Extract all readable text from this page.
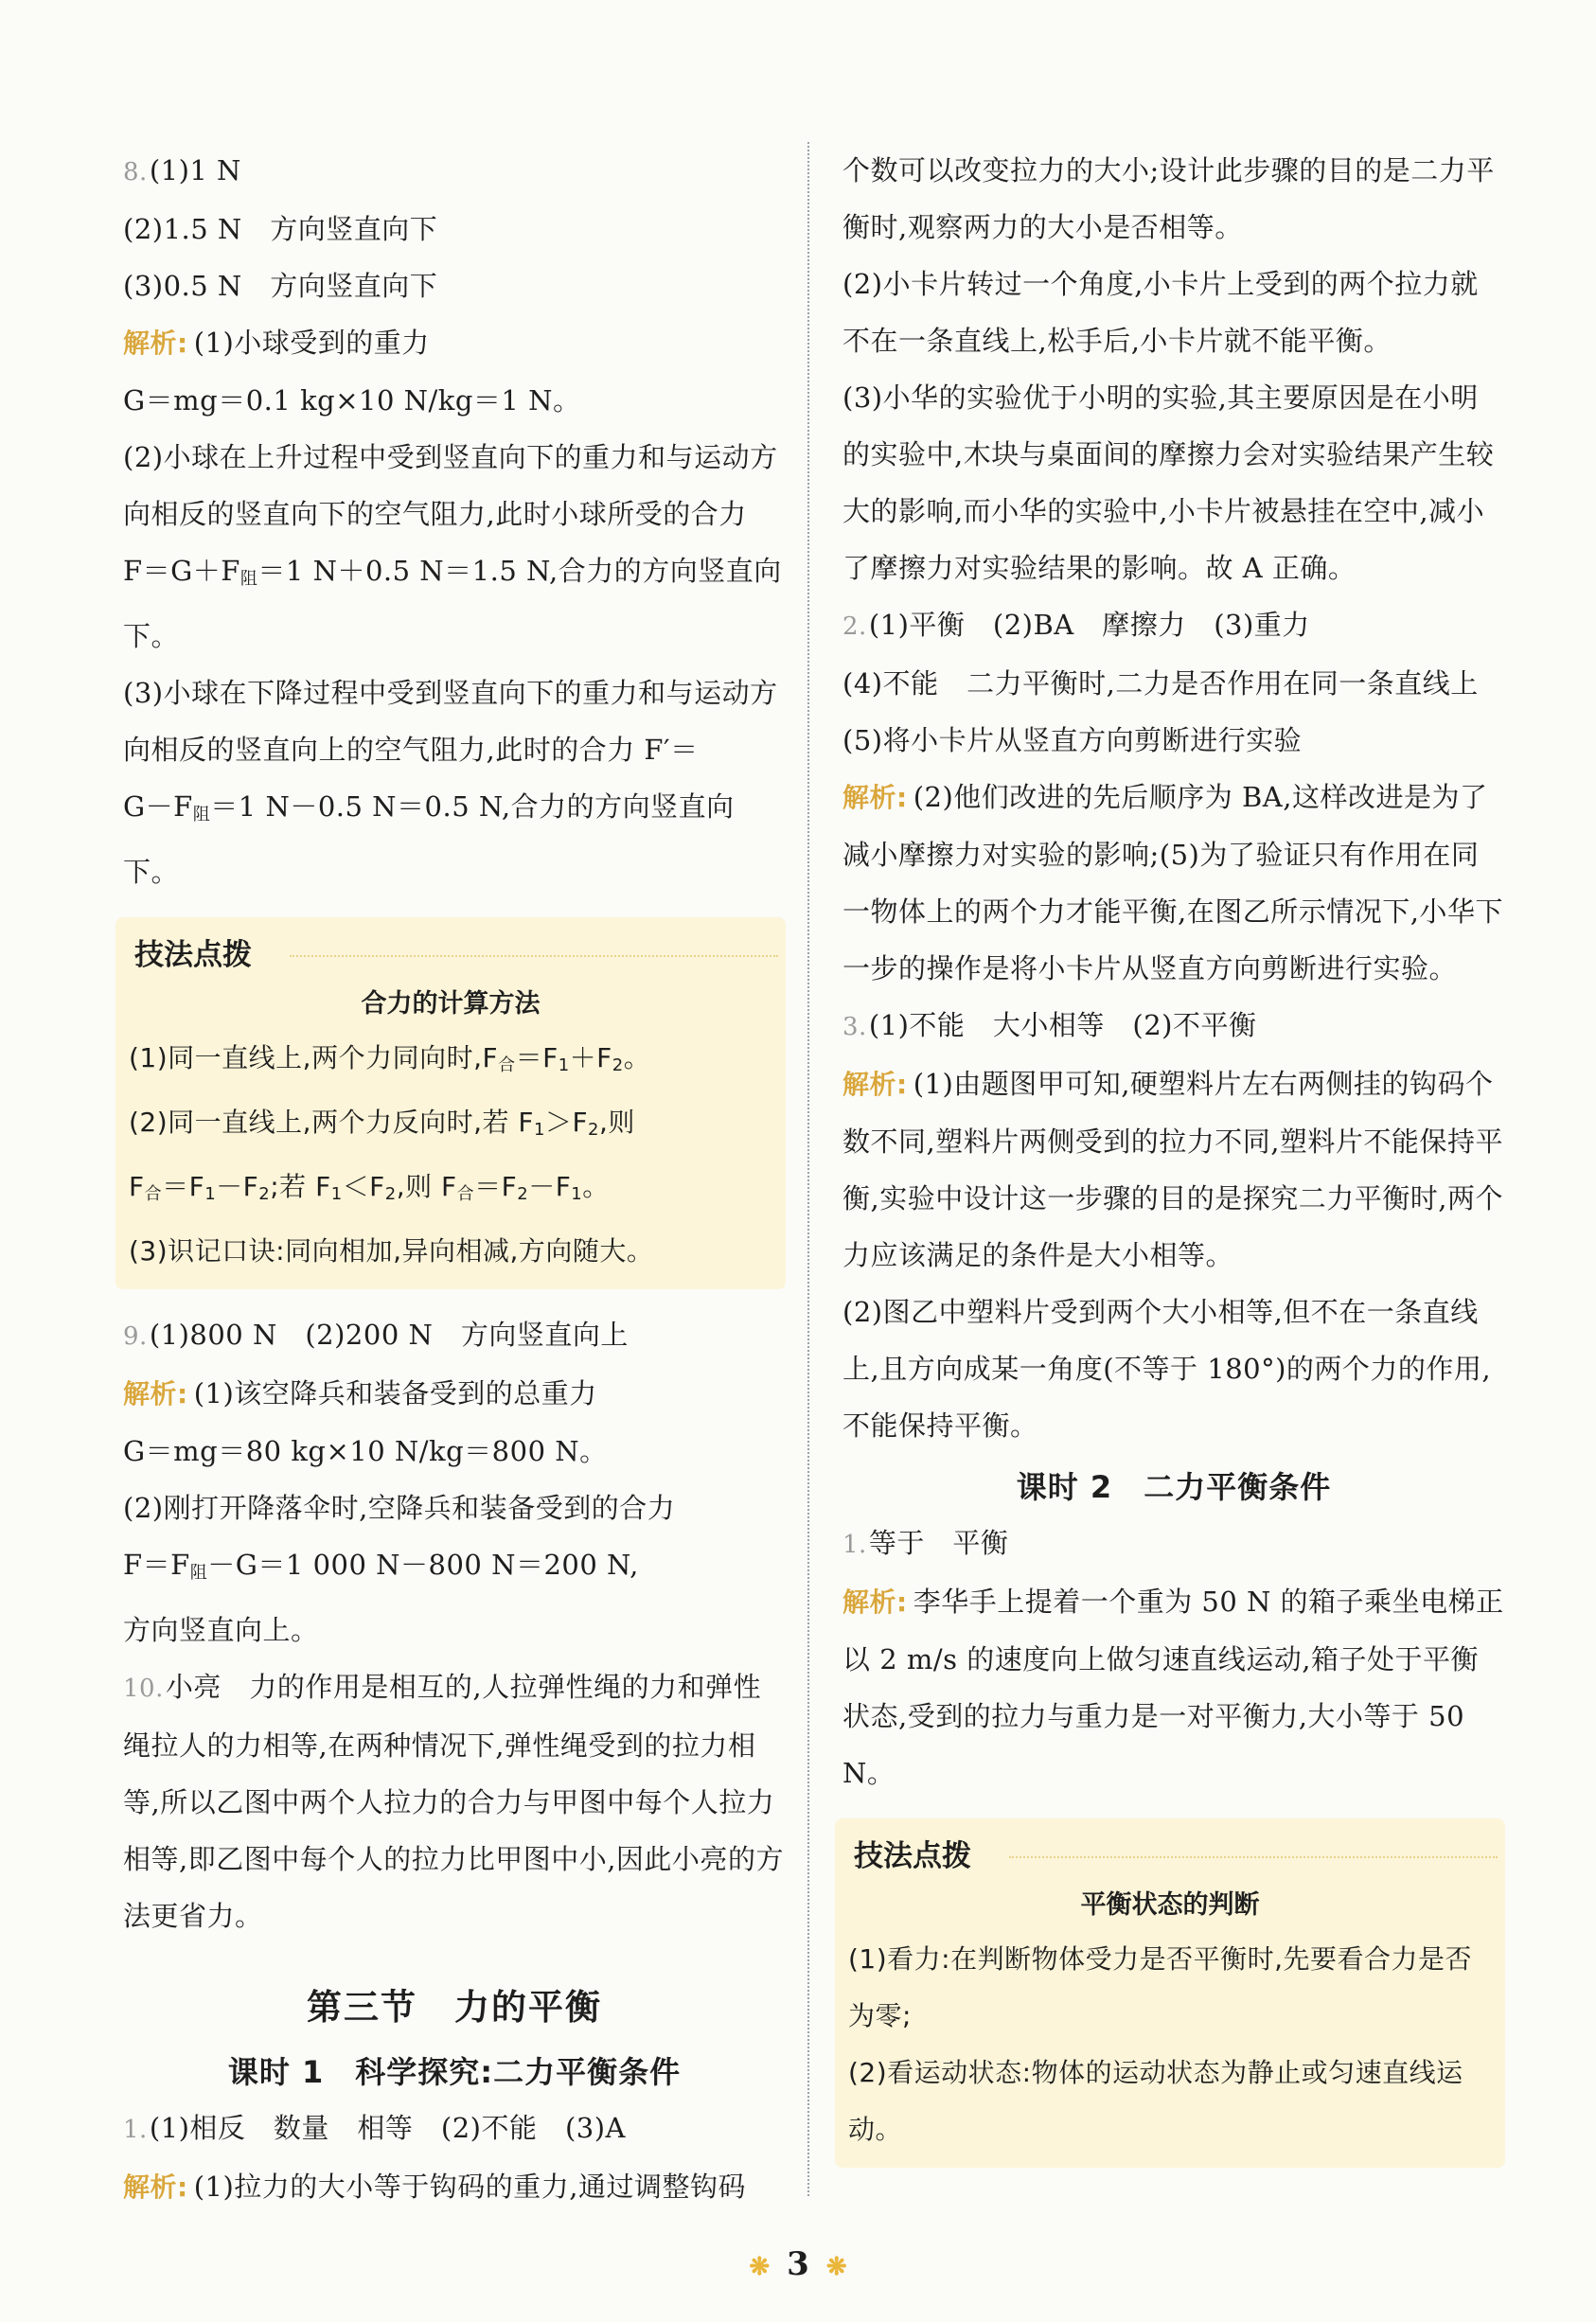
8.(1)1 N

(2)1.5 N　方向竖直向下

(3)0.5 N　方向竖直向下

解析: (1)小球受到的重力

G＝mg＝0.1 kg×10 N/kg＝1 N。

(2)小球在上升过程中受到竖直向下的重力和与运动方向相反的竖直向下的空气阻力,此时小球所受的合力

$F=G+F_阻=1$ N＋0.5 N＝1.5 N,合力的方向竖直向下。

(3)小球在下降过程中受到竖直向下的重力和与运动方向相反的竖直向上的空气阻力,此时的合力 F′＝

$G-F_阻=1$ N－0.5 N＝0.5 N,合力的方向竖直向下。

技法点拨
合力的计算方法

(1)同一直线上,两个力同向时$,F_合=F_1+F_2$。

(2)同一直线上,两个力反向时,若 $F_1>F_2$,则

$F_合=F_1-F_2$;若 $F_1<F_2$,则 $F_合=F_2-F_1$。

(3)识记口诀:同向相加,异向相减,方向随大。

9.(1)800 N　(2)200 N　方向竖直向上

解析: (1)该空降兵和装备受到的总重力

G＝mg＝80 kg×10 N/kg＝800 N。

(2)刚打开降落伞时,空降兵和装备受到的合力

$F=F_阻-G=1$ 000 N－800 N＝200 N,

方向竖直向上。

10.小亮　力的作用是相互的,人拉弹性绳的力和弹性绳拉人的力相等,在两种情况下,弹性绳受到的拉力相等,所以乙图中两个人拉力的合力与甲图中每个人拉力相等,即乙图中每个人的拉力比甲图中小,因此小亮的方法更省力。

第三节　力的平衡
课时 1　科学探究:二力平衡条件

1.(1)相反　数量　相等　(2)不能　(3)A

解析: (1)拉力的大小等于钩码的重力,通过调整钩码

个数可以改变拉力的大小;设计此步骤的目的是二力平衡时,观察两力的大小是否相等。

(2)小卡片转过一个角度,小卡片上受到的两个拉力就不在一条直线上,松手后,小卡片就不能平衡。

(3)小华的实验优于小明的实验,其主要原因是在小明的实验中,木块与桌面间的摩擦力会对实验结果产生较大的影响,而小华的实验中,小卡片被悬挂在空中,减小了摩擦力对实验结果的影响。故 A 正确。

2.(1)平衡　(2)BA　摩擦力　(3)重力

(4)不能　二力平衡时,二力是否作用在同一条直线上　(5)将小卡片从竖直方向剪断进行实验

解析: (2)他们改进的先后顺序为 BA,这样改进是为了减小摩擦力对实验的影响;(5)为了验证只有作用在同一物体上的两个力才能平衡,在图乙所示情况下,小华下一步的操作是将小卡片从竖直方向剪断进行实验。

3.(1)不能　大小相等　(2)不平衡

解析: (1)由题图甲可知,硬塑料片左右两侧挂的钩码个数不同,塑料片两侧受到的拉力不同,塑料片不能保持平衡,实验中设计这一步骤的目的是探究二力平衡时,两个力应该满足的条件是大小相等。

(2)图乙中塑料片受到两个大小相等,但不在一条直线上,且方向成某一角度(不等于 180°)的两个力的作用,不能保持平衡。

课时 2　二力平衡条件

1.等于　平衡

解析: 李华手上提着一个重为 50 N 的箱子乘坐电梯正以 2 m/s 的速度向上做匀速直线运动,箱子处于平衡状态,受到的拉力与重力是一对平衡力,大小等于 50 N。

技法点拨
平衡状态的判断

(1)看力:在判断物体受力是否平衡时,先要看合力是否为零;

(2)看运动状态:物体的运动状态为静止或匀速直线运动。

❋ 3 ❋
